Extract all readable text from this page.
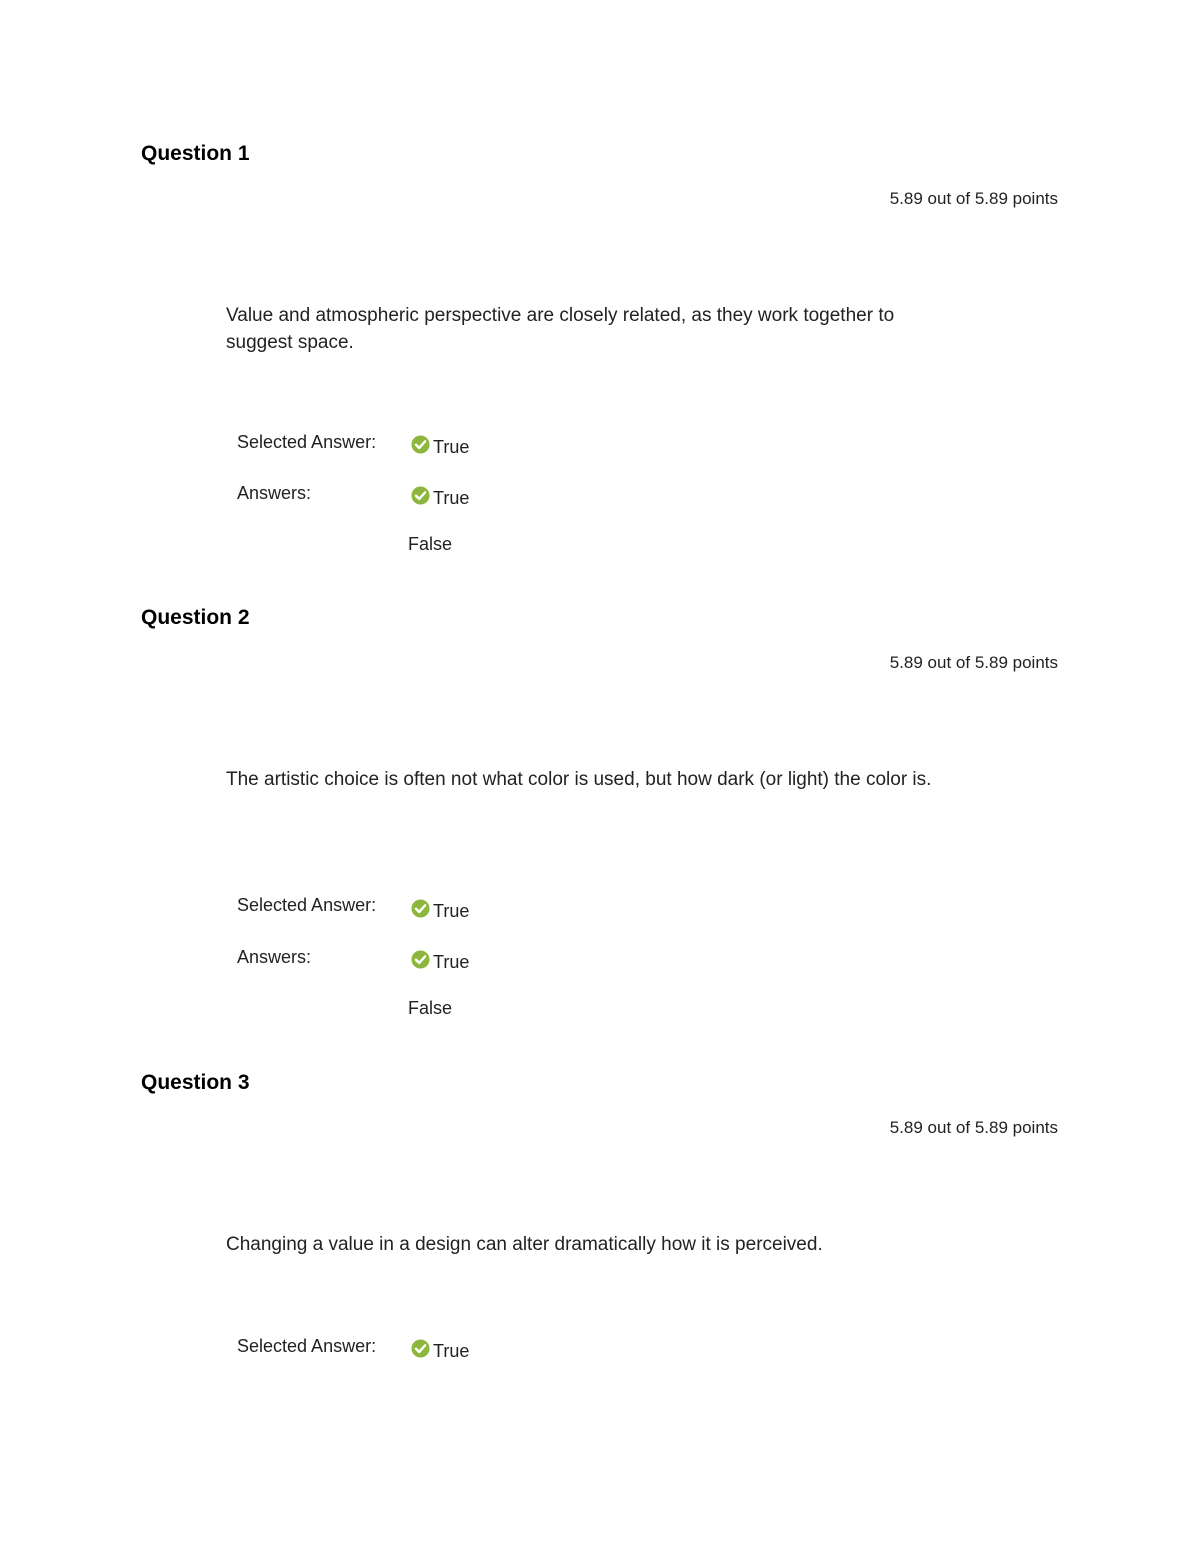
Question 1
5.89 out of 5.89 points
Value and atmospheric perspective are closely related, as they work together to suggest space.
Selected Answer:	True
Answers:	True
False
Question 2
5.89 out of 5.89 points
The artistic choice is often not what color is used, but how dark (or light) the color is.
Selected Answer:	True
Answers:	True
False
Question 3
5.89 out of 5.89 points
Changing a value in a design can alter dramatically how it is perceived.
Selected Answer:	True
